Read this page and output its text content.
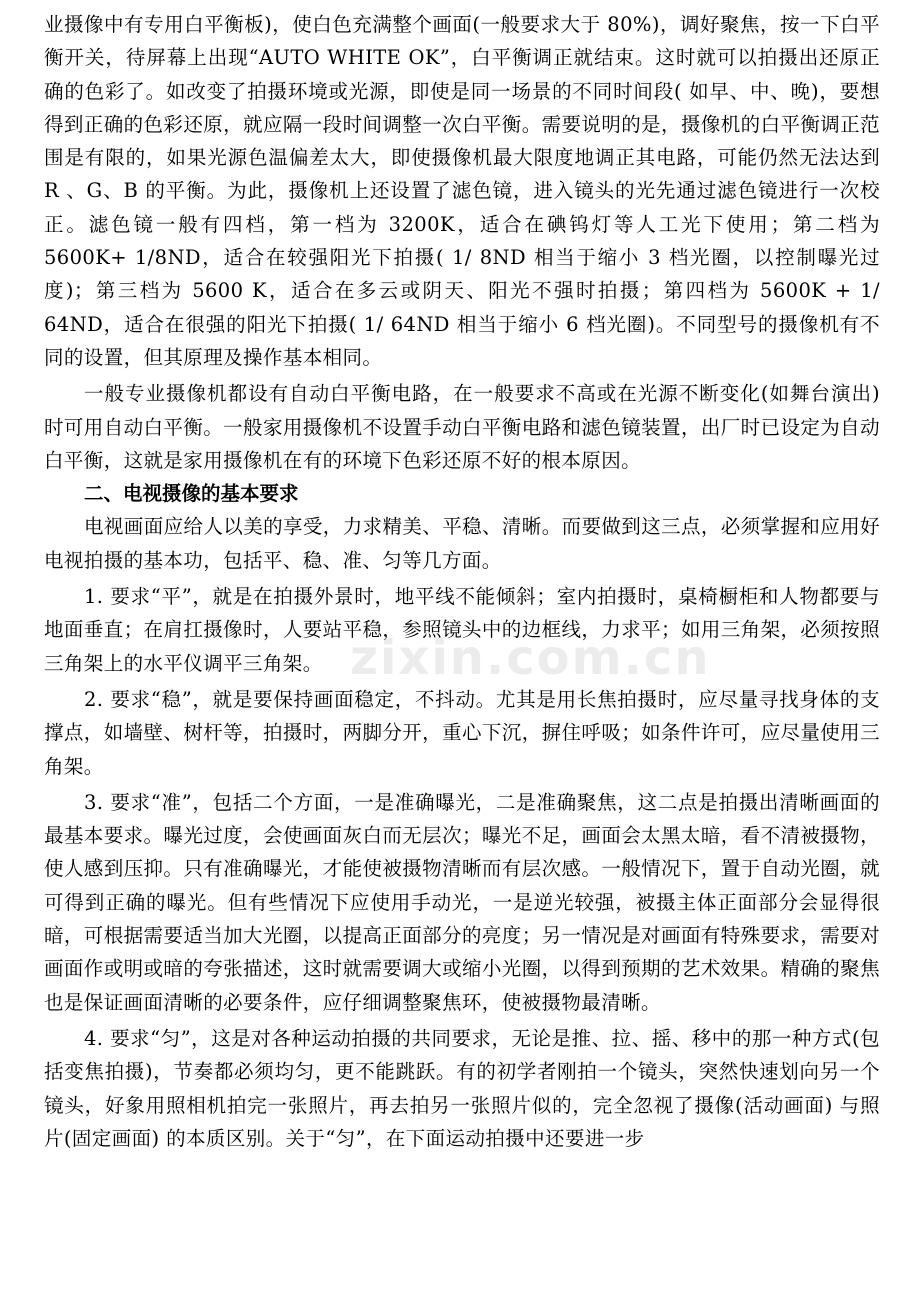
业摄像中有专用白平衡板)，使白色充满整个画面(一般要求大于 80%)，调好聚焦，按一下白平衡开关，待屏幕上出现“AUTO WHITE OK”，白平衡调正就结束。这时就可以拍摄出还原正确的色彩了。如改变了拍摄环境或光源，即使是同一场景的不同时间段( 如早、中、晚)，要想得到正确的色彩还原，就应隔一段时间调整一次白平衡。需要说明的是，摄像机的白平衡调正范围是有限的，如果光源色温偏差太大，即使摄像机最大限度地调正其电路，可能仍然无法达到 R 、G、B 的平衡。为此，摄像机上还设置了滤色镜，进入镜头的光先通过滤色镜进行一次校正。滤色镜一般有四档，第一档为 3200K，适合在碘钨灯等人工光下使用；第二档为 5600K+ 1/8ND，适合在较强阳光下拍摄( 1/ 8ND 相当于缩小 3 档光圈，以控制曝光过度)；第三档为 5600 K，适合在多云或阴天、阳光不强时拍摄；第四档为 5600K + 1/ 64ND，适合在很强的阳光下拍摄( 1/ 64ND 相当于缩小 6 档光圈)。不同型号的摄像机有不同的设置，但其原理及操作基本相同。

一般专业摄像机都设有自动白平衡电路，在一般要求不高或在光源不断变化(如舞台演出) 时可用自动白平衡。一般家用摄像机不设置手动白平衡电路和滤色镜装置，出厂时已设定为自动白平衡，这就是家用摄像机在有的环境下色彩还原不好的根本原因。

二、电视摄像的基本要求

电视画面应给人以美的享受，力求精美、平稳、清晰。而要做到这三点，必须掌握和应用好电视拍摄的基本功，包括平、稳、准、匀等几方面。

1. 要求“平”，就是在拍摄外景时，地平线不能倾斜；室内拍摄时，桌椅橱柜和人物都要与地面垂直；在肩扛摄像时，人要站平稳，参照镜头中的边框线，力求平；如用三角架，必须按照三角架上的水平仪调平三角架。

2. 要求“稳”，就是要保持画面稳定，不抖动。尤其是用长焦拍摄时，应尽量寻找身体的支撑点，如墙壁、树杆等，拍摄时，两脚分开，重心下沉，摒住呼吸；如条件许可，应尽量使用三角架。

3. 要求“准”，包括二个方面，一是准确曝光，二是准确聚焦，这二点是拍摄出清晰画面的最基本要求。曝光过度，会使画面灰白而无层次；曝光不足，画面会太黑太暗，看不清被摄物，使人感到压抑。只有准确曝光，才能使被摄物清晰而有层次感。一般情况下，置于自动光圈，就可得到正确的曝光。但有些情况下应使用手动光，一是逆光较强，被摄主体正面部分会显得很暗，可根据需要适当加大光圈，以提高正面部分的亮度；另一情况是对画面有特殊要求，需要对画面作或明或暗的夸张描述，这时就需要调大或缩小光圈，以得到预期的艺术效果。精确的聚焦也是保证画面清晰的必要条件，应仔细调整聚焦环，使被摄物最清晰。

4. 要求“匀”，这是对各种运动拍摄的共同要求，无论是推、拉、摇、移中的那一种方式(包括变焦拍摄)，节奏都必须均匀，更不能跳跃。有的初学者刚拍一个镜头，突然快速划向另一个镜头，好象用照相机拍完一张照片，再去拍另一张照片似的，完全忽视了摄像(活动画面) 与照片(固定画面) 的本质区别。关于“匀”，在下面运动拍摄中还要进一步

zixin.com.cn
